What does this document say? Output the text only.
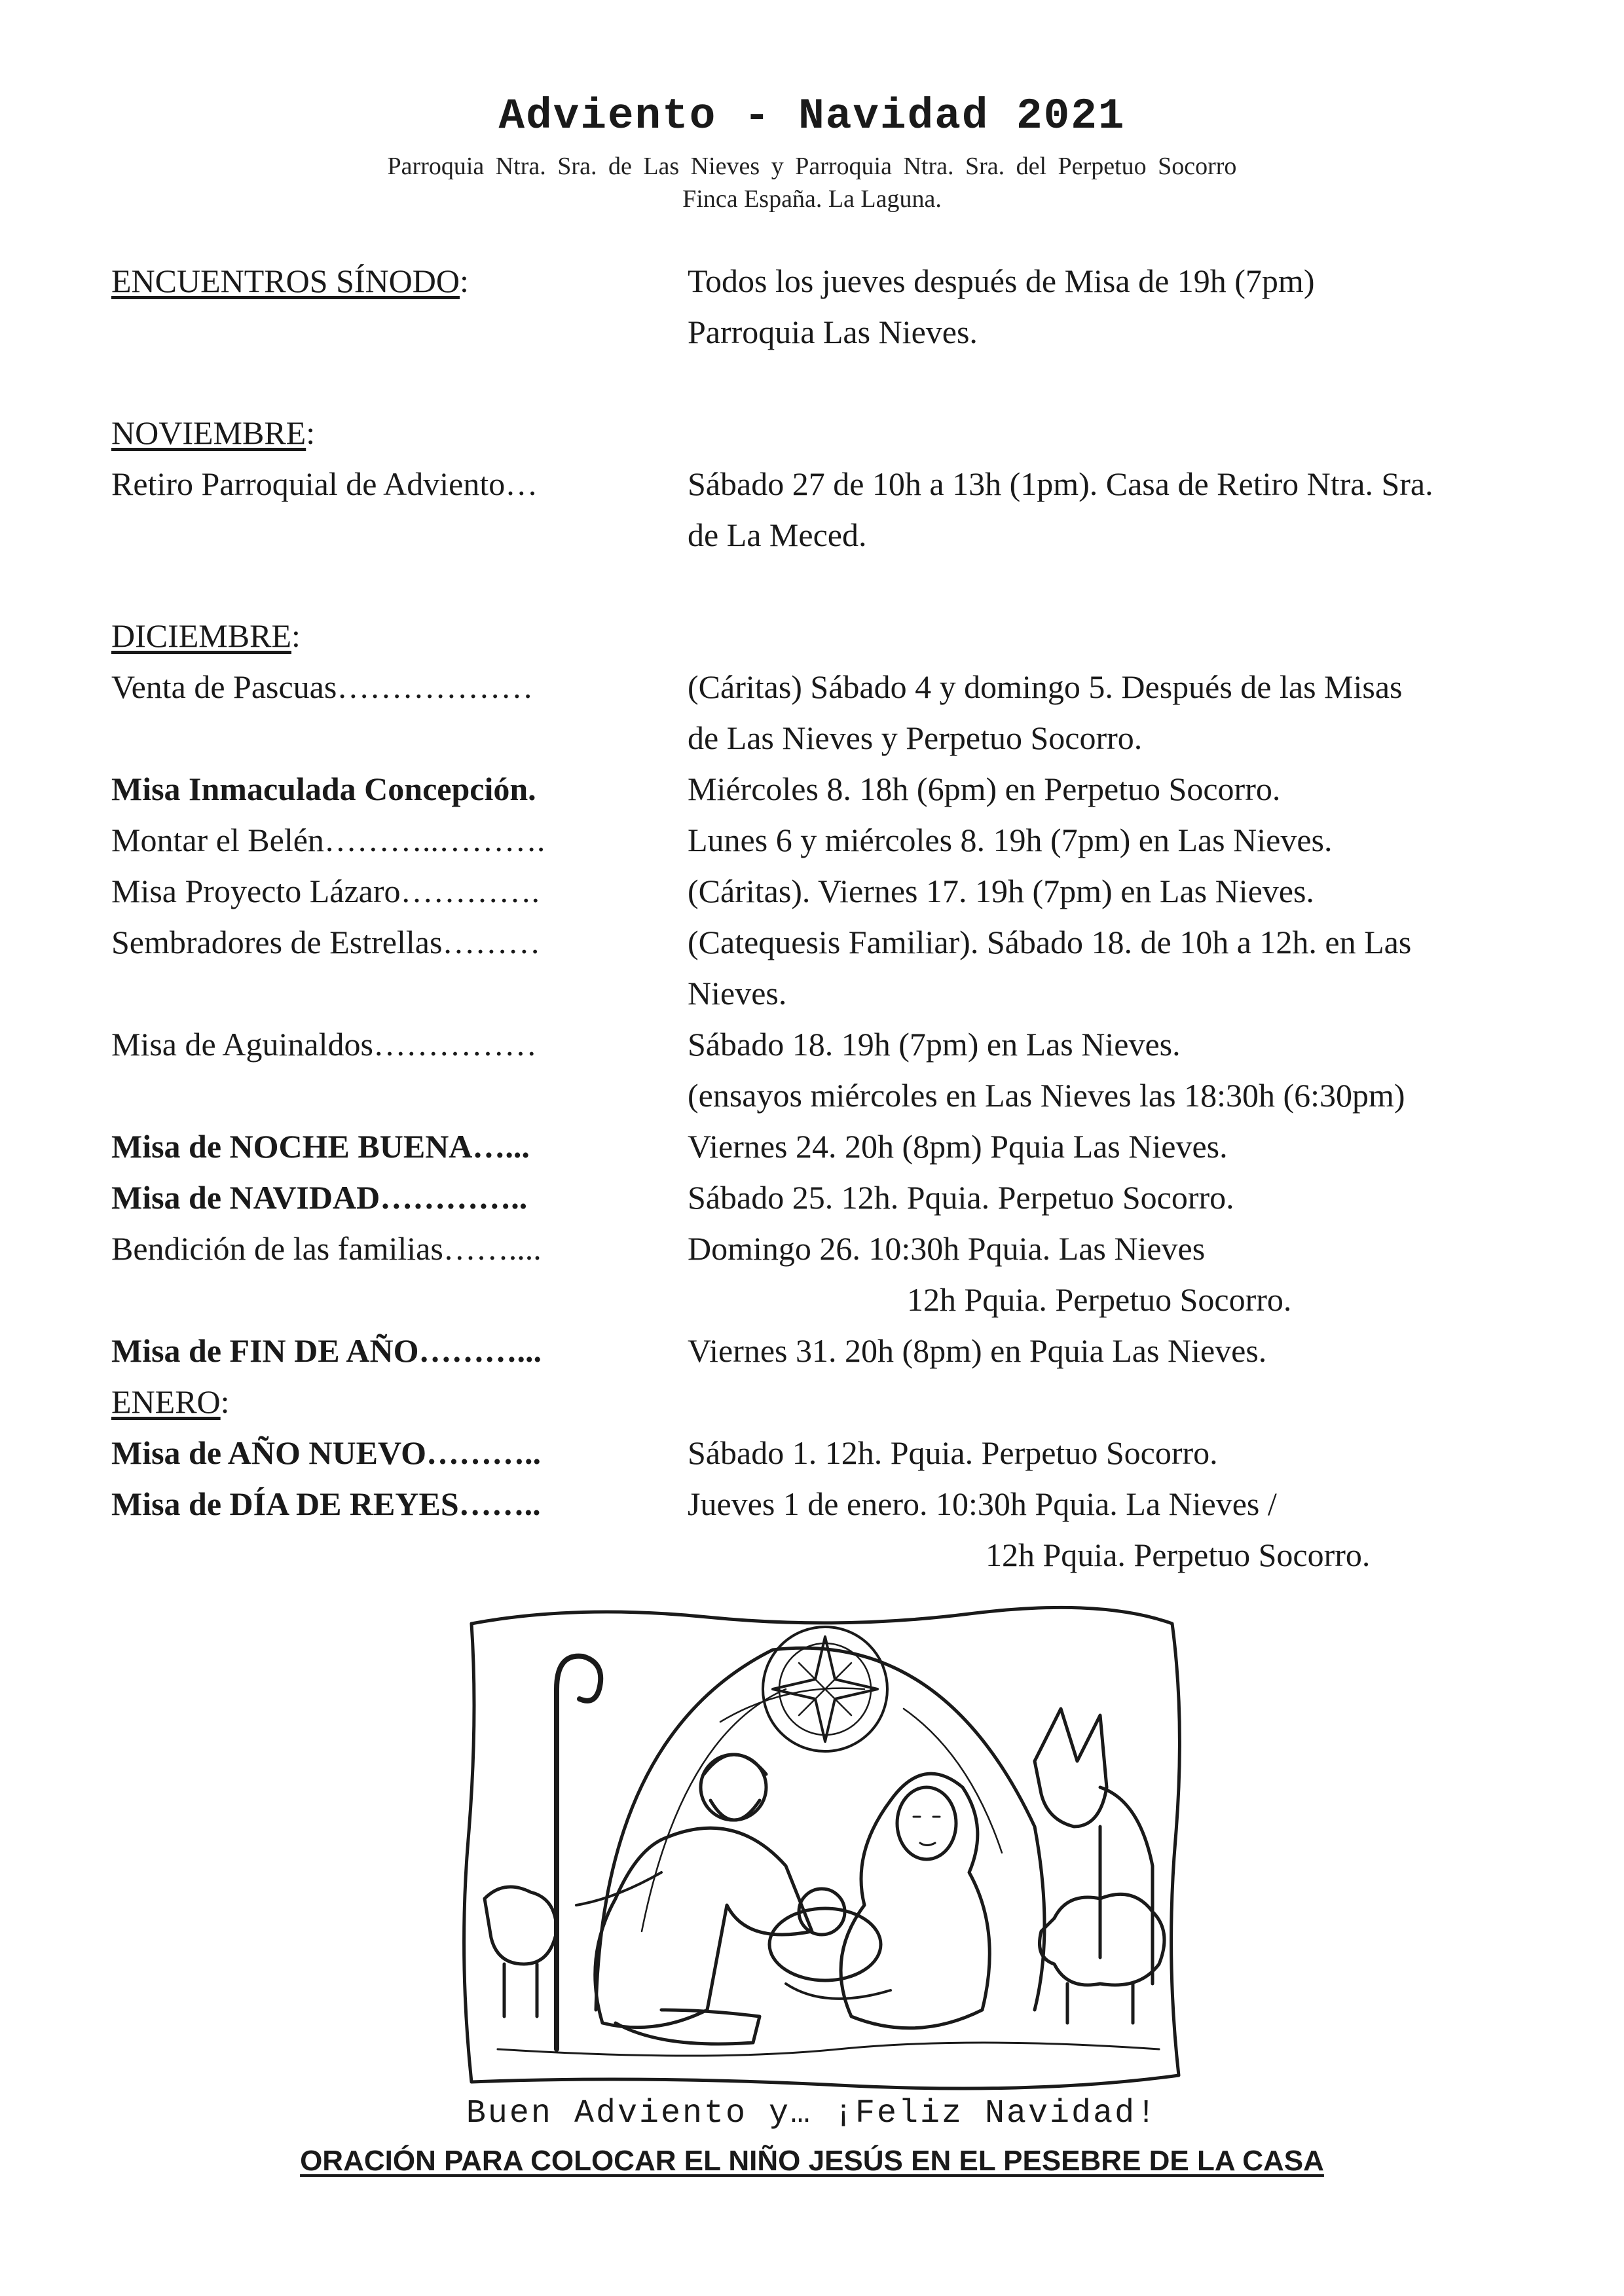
Adviento - Navidad 2021
Parroquia Ntra. Sra. de Las Nieves y Parroquia Ntra. Sra. del Perpetuo Socorro
Finca España. La Laguna.
ENCUENTROS SÍNODO:	Todos los jueves después de Misa de 19h (7pm)
Parroquia Las Nieves.
NOVIEMBRE:
Retiro Parroquial de Adviento…	Sábado 27 de 10h a 13h (1pm). Casa de Retiro Ntra. Sra.
de La Meced.
DICIEMBRE:
Venta de Pascuas………………	(Cáritas) Sábado 4 y domingo 5. Después de las Misas
de Las Nieves y Perpetuo Socorro.
Misa Inmaculada Concepción.	Miércoles 8. 18h (6pm) en Perpetuo Socorro.
Montar el Belén………..……….	Lunes 6 y miércoles 8. 19h (7pm) en Las Nieves.
Misa Proyecto Lázaro………….	(Cáritas). Viernes 17. 19h (7pm) en Las Nieves.
Sembradores de Estrellas………	(Catequesis Familiar). Sábado 18. de 10h a 12h. en Las
Nieves.
Misa de Aguinaldos……………	Sábado 18. 19h (7pm) en Las Nieves.
(ensayos miércoles en Las Nieves las 18:30h (6:30pm)
Misa de NOCHE BUENA…...	Viernes 24. 20h (8pm) Pquia Las Nieves.
Misa de NAVIDAD…………..	Sábado 25. 12h. Pquia. Perpetuo Socorro.
Bendición de las familias……....	Domingo 26. 10:30h Pquia. Las Nieves
12h Pquia. Perpetuo Socorro.
Misa de FIN DE AÑO………...	Viernes 31. 20h (8pm) en Pquia Las Nieves.
ENERO:
Misa de AÑO NUEVO………..	Sábado 1. 12h. Pquia. Perpetuo Socorro.
Misa de DÍA DE REYES……..	Jueves 1 de enero. 10:30h Pquia. La Nieves /
12h Pquia. Perpetuo Socorro.
Buen Adviento y… ¡Feliz Navidad!
ORACIÓN PARA COLOCAR EL NIÑO JESÚS EN EL PESEBRE DE LA CASA
